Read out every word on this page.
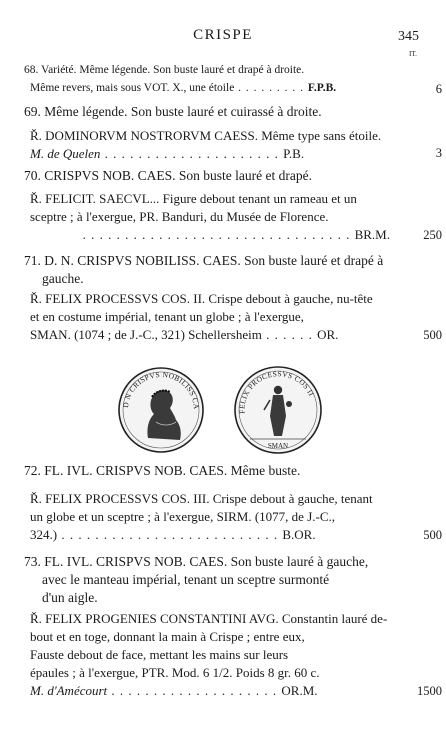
CRISPE	345
IT.
68. Variété. Même légende. Son buste lauré et drapé à droite.
Même revers, mais sous VOT. X., une étoile . . . . . . . . . F.P.B.	6
69. Même légende. Son buste lauré et cuirassé à droite.
Ř. DOMINORVM NOSTRORVM CAESS. Même type sans étoile.
M. de Quelen . . . . . . . . . . . . . . . . . . . . . P.B.	3
70. CRISPVS NOB. CAES. Son buste lauré et drapé.
Ř. FELICIT. SAECVL... Figure debout tenant un rameau et un
sceptre ; à l'exergue, PR. Banduri, du Musée de Florence.
. . . . . . . . . . . . . . . . . . . . . . . . . . . . . . . . BR.M.	250
71. D. N. CRISPVS NOBILISS. CAES. Son buste lauré et drapé à
gauche.
Ř. FELIX PROCESSVS COS. II. Crispe debout à gauche, nu-tête
et en costume impérial, tenant un globe ; à l'exergue,
SMAN. (1074 ; de J.-C., 321) Schellersheim . . . . . . OR.	500
D N CRISPVS NOBILISS CA
FELIX PROCESSVS COS II
SMAN
72. FL. IVL. CRISPVS NOB. CAES. Même buste.
Ř. FELIX PROCESSVS COS. III. Crispe debout à gauche, tenant
un globe et un sceptre ; à l'exergue, SIRM. (1077, de J.-C.,
324.) . . . . . . . . . . . . . . . . . . . . . . . . . . B.OR.	500
73. FL. IVL. CRISPVS NOB. CAES. Son buste lauré à gauche,
avec le manteau impérial, tenant un sceptre surmonté
d'un aigle.
Ř. FELIX PROGENIES CONSTANTINI AVG. Constantin lauré de-
bout et en toge, donnant la main à Crispe ; entre eux,
Fauste debout de face, mettant les mains sur leurs
épaules ; à l'exergue, PTR. Mod. 6 1/2. Poids 8 gr. 60 c.
M. d'Amécourt . . . . . . . . . . . . . . . . . . . . OR.M.	1500
